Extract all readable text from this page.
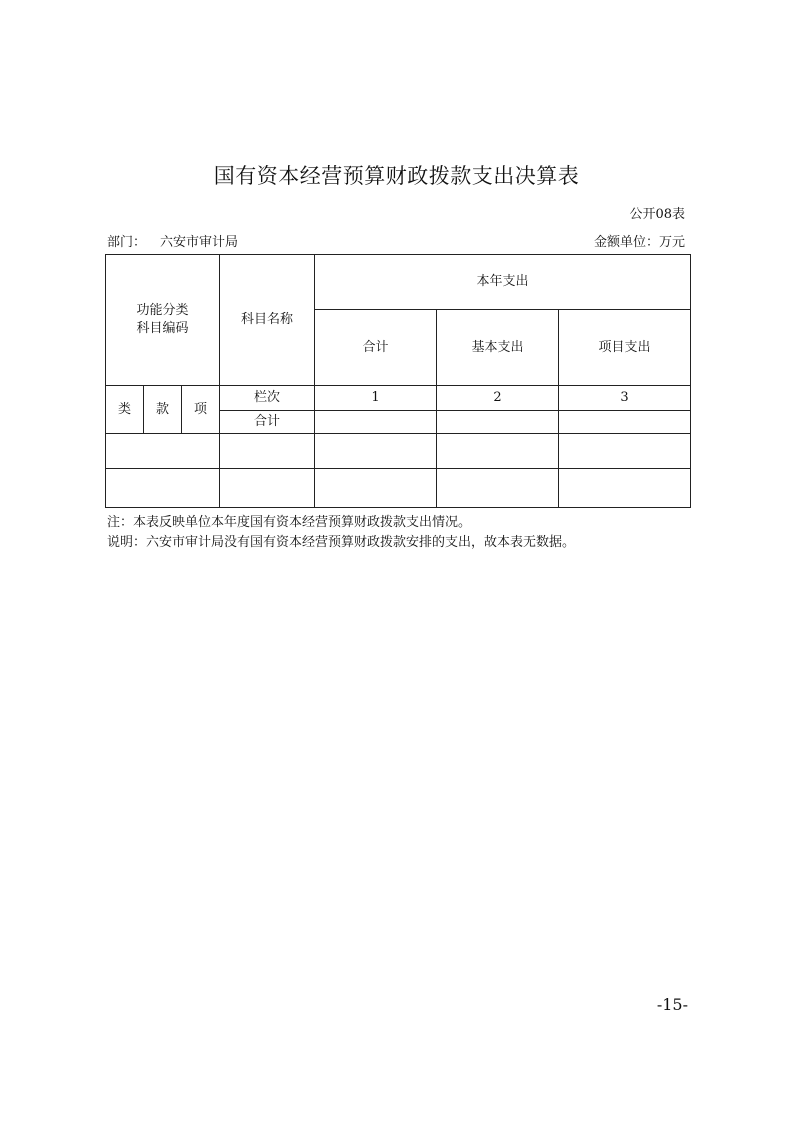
国有资本经营预算财政拨款支出决算表
公开08表
部门： 六安市审计局	金额单位：万元
功能分类
科目编码			科目名称	本年支出		
				合计	基本支出	项目支出
类	款	项	栏次	1	2	3
			合计			

注：本表反映单位本年度国有资本经营预算财政拨款支出情况。
说明：六安市审计局没有国有资本经营预算财政拨款安排的支出，故本表无数据。
-15-
